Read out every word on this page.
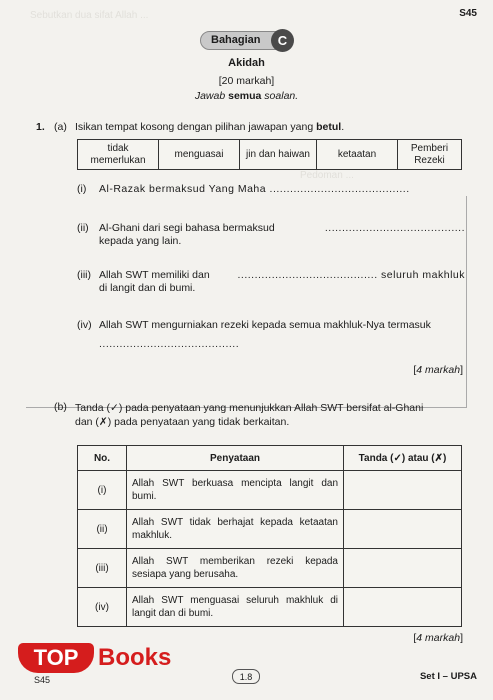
Sebutkan dua sifat Allah ...
Pedoman ...
S45
Bahagian	C
Akidah
[20 markah]
Jawab semua soalan.
1. (a) Isikan tempat kosong dengan pilihan jawapan yang betul.
tidak memerlukan	menguasai	jin dan haiwan	ketaatan	Pemberi Rezeki
(i) Al-Razak bermaksud Yang Maha .........................................
(ii) Al-Ghani dari segi bahasa bermaksud	.........................................
kepada yang lain.
(iii) Allah SWT memiliki dan	......................................... seluruh makhluk
di langit dan di bumi.
(iv) Allah SWT mengurniakan rezeki kepada semua makhluk-Nya termasuk
.........................................
[4 markah]
(b) Tanda (✓) pada penyataan yang menunjukkan Allah SWT bersifat al-Ghani
dan (✗) pada penyataan yang tidak berkaitan.
No.	Penyataan	Tanda (✓) atau (✗)
(i)	Allah SWT berkuasa mencipta langit dan bumi.	
(ii)	Allah SWT tidak berhajat kepada ketaatan makhluk.	
(iii)	Allah SWT memberikan rezeki kepada sesiapa yang berusaha.	
(iv)	Allah SWT menguasai seluruh makhluk di langit dan di bumi.	
[4 markah]
TOP Books
S45	1.8	Set I – UPSA
